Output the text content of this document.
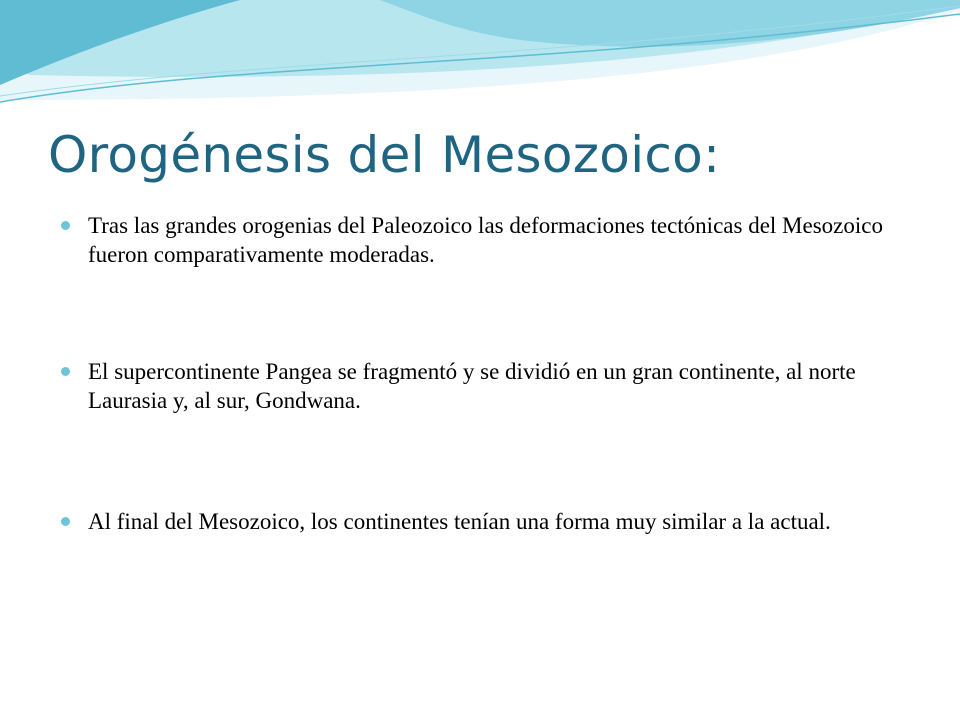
Orogénesis del Mesozoico:
Tras las grandes orogenias del Paleozoico las deformaciones tectónicas del Mesozoico fueron comparativamente moderadas.
El supercontinente Pangea se fragmentó y se dividió en un gran continente, al norte Laurasia y, al sur, Gondwana.
Al final del Mesozoico, los continentes tenían una forma muy similar a la actual.
